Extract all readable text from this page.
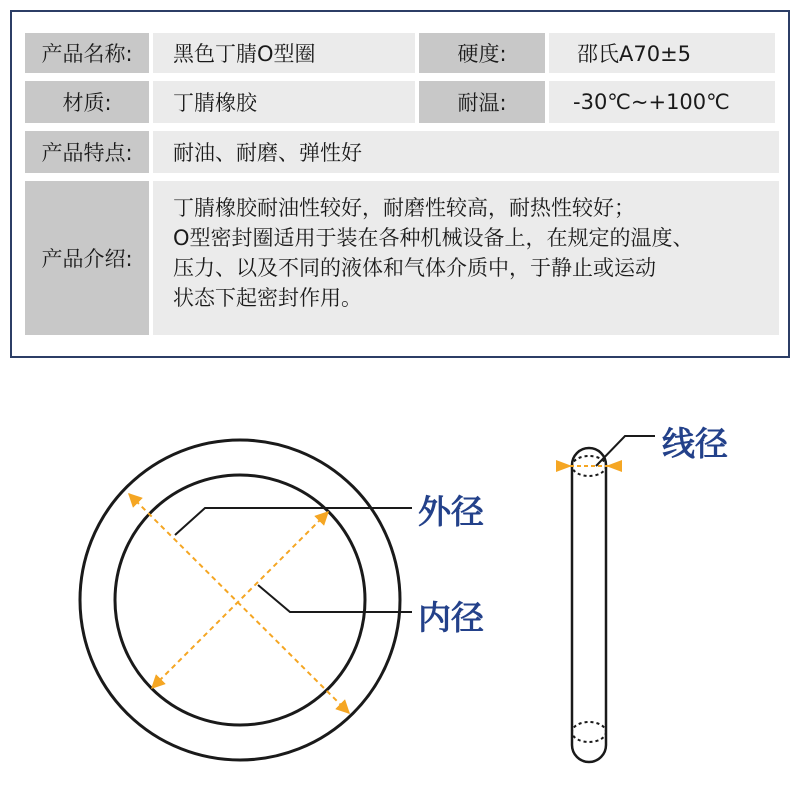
产品名称:	黑色丁腈O型圈	硬度:	邵氏A70±5
材质:	丁腈橡胶	耐温:	-30℃~+100℃
产品特点:	耐油、耐磨、弹性好
产品介绍:
丁腈橡胶耐油性较好，耐磨性较高，耐热性较好；
O型密封圈适用于装在各种机械设备上，在规定的温度、
压力、以及不同的液体和气体介质中，于静止或运动
状态下起密封作用。
外径
内径
线径
